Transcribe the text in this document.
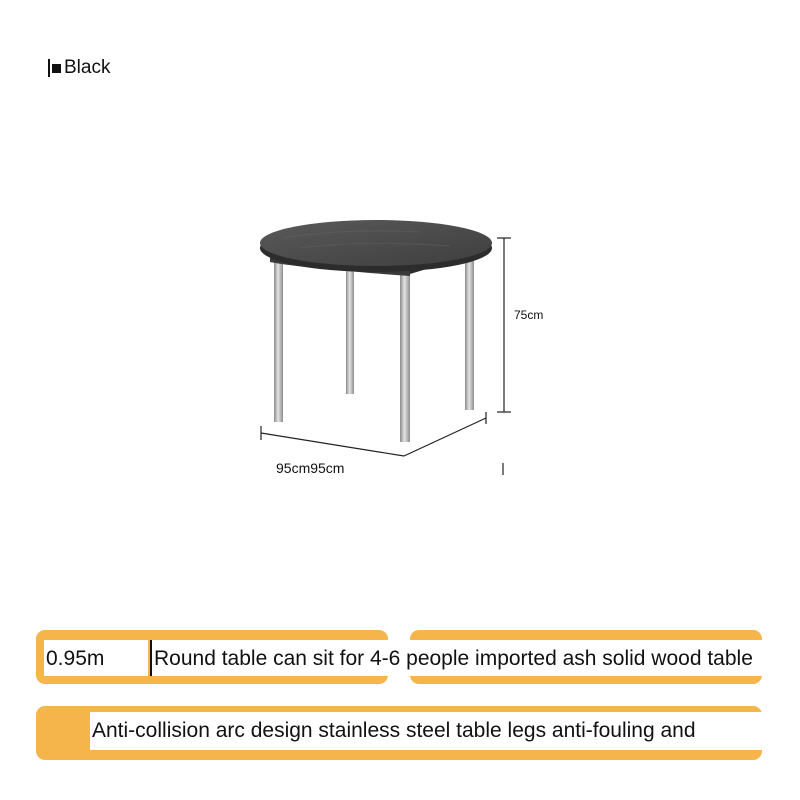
Black
75cm
95cm95cm
0.95m	Round table can sit for 4-6 people imported ash solid wood table
Anti-collision arc design stainless steel table legs anti-fouling and
